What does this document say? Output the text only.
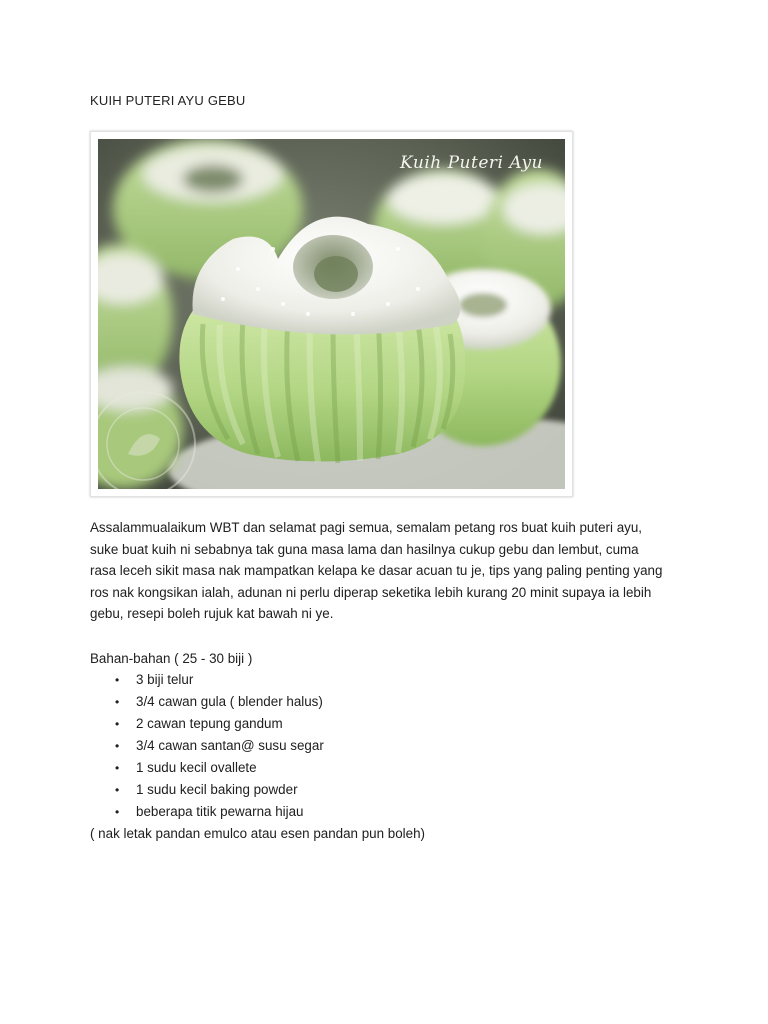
KUIH PUTERI AYU GEBU
Kuih Puteri Ayu
Assalammualaikum WBT dan selamat pagi semua, semalam petang ros buat kuih puteri ayu,
suke buat kuih ni sebabnya tak guna masa lama dan hasilnya cukup gebu dan lembut, cuma
rasa leceh sikit masa nak mampatkan kelapa ke dasar acuan tu je, tips yang paling penting yang
ros nak kongsikan ialah, adunan ni perlu diperap seketika lebih kurang 20 minit supaya ia lebih
gebu, resepi boleh rujuk kat bawah ni ye.
Bahan-bahan ( 25 - 30 biji )
• 3 biji telur
• 3/4 cawan gula ( blender halus)
• 2 cawan tepung gandum
• 3/4 cawan santan@ susu segar
• 1 sudu kecil ovallete
• 1 sudu kecil baking powder
• beberapa titik pewarna hijau
( nak letak pandan emulco atau esen pandan pun boleh)
